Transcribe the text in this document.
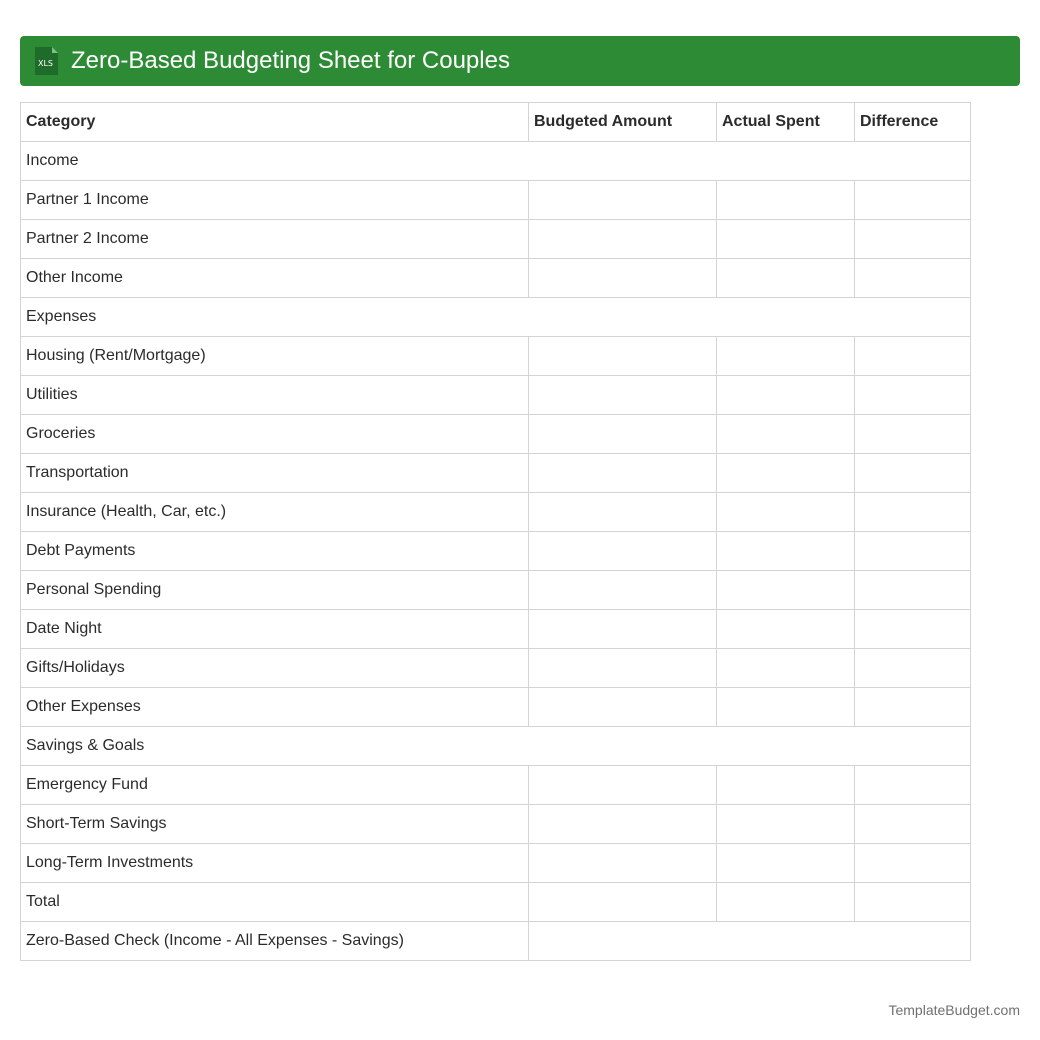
XLS Zero-Based Budgeting Sheet for Couples
Category	Budgeted Amount	Actual Spent	Difference
Income			
Partner 1 Income			
Partner 2 Income			
Other Income			
Expenses			
Housing (Rent/Mortgage)			
Utilities			
Groceries			
Transportation			
Insurance (Health, Car, etc.)			
Debt Payments			
Personal Spending			
Date Night			
Gifts/Holidays			
Other Expenses			
Savings & Goals			
Emergency Fund			
Short-Term Savings			
Long-Term Investments			
Total			
Zero-Based Check (Income - All Expenses - Savings)			
TemplateBudget.com
